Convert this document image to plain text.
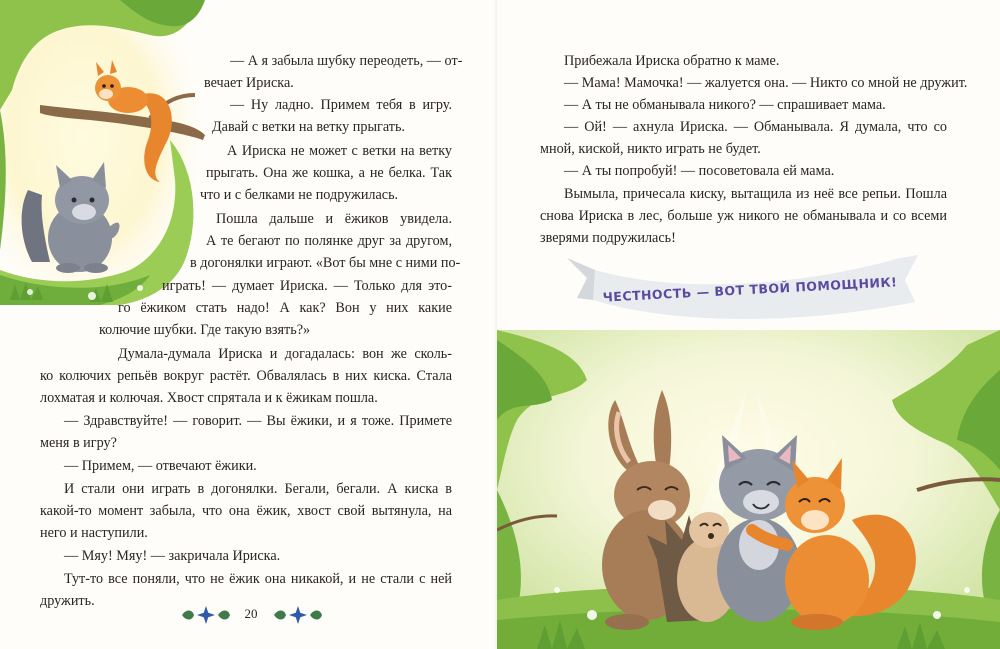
— А я забыла шубку переодеть, — от-
вечает Ириска.
— Ну ладно. Примем тебя в игру.
Давай с ветки на ветку прыгать.
А Ириска не может с ветки на ветку
прыгать. Она же кошка, а не белка. Так
что и с белками не подружилась.
Пошла дальше и ёжиков увидела.
А те бегают по полянке друг за другом,
в догонялки играют. «Вот бы мне с ними по-
играть! — думает Ириска. — Только для это-
го ёжиком стать надо! А как? Вон у них какие
колючие шубки. Где такую взять?»
Думала-думала Ириска и догадалась: вон же сколь-
ко колючих репьёв вокруг растёт. Обвалялась в них киска. Стала
лохматая и колючая. Хвост спрятала и к ёжикам пошла.
— Здравствуйте! — говорит. — Вы ёжики, и я тоже. Примете
меня в игру?
— Примем, — отвечают ёжики.
И стали они играть в догонялки. Бегали, бегали. А киска в
какой-то момент забыла, что она ёжик, хвост свой вытянула, на
него и наступили.
— Мяу! Мяу! — закричала Ириска.
Тут-то все поняли, что не ёжик она никакой, и не стали с ней
дружить.
20
Прибежала Ириска обратно к маме.
— Мама! Мамочка! — жалуется она. — Никто со мной не дружит.
— А ты не обманывала никого? — спрашивает мама.
— Ой! — ахнула Ириска. — Обманывала. Я думала, что со
мной, киской, никто играть не будет.
— А ты попробуй! — посоветовала ей мама.
Вымыла, причесала киску, вытащила из неё все репьи. Пошла
снова Ириска в лес, больше уж никого не обманывала и со всеми
зверями подружилась!
ЧЕСТНОСТЬ — ВОТ ТВОЙ ПОМОЩНИК!
